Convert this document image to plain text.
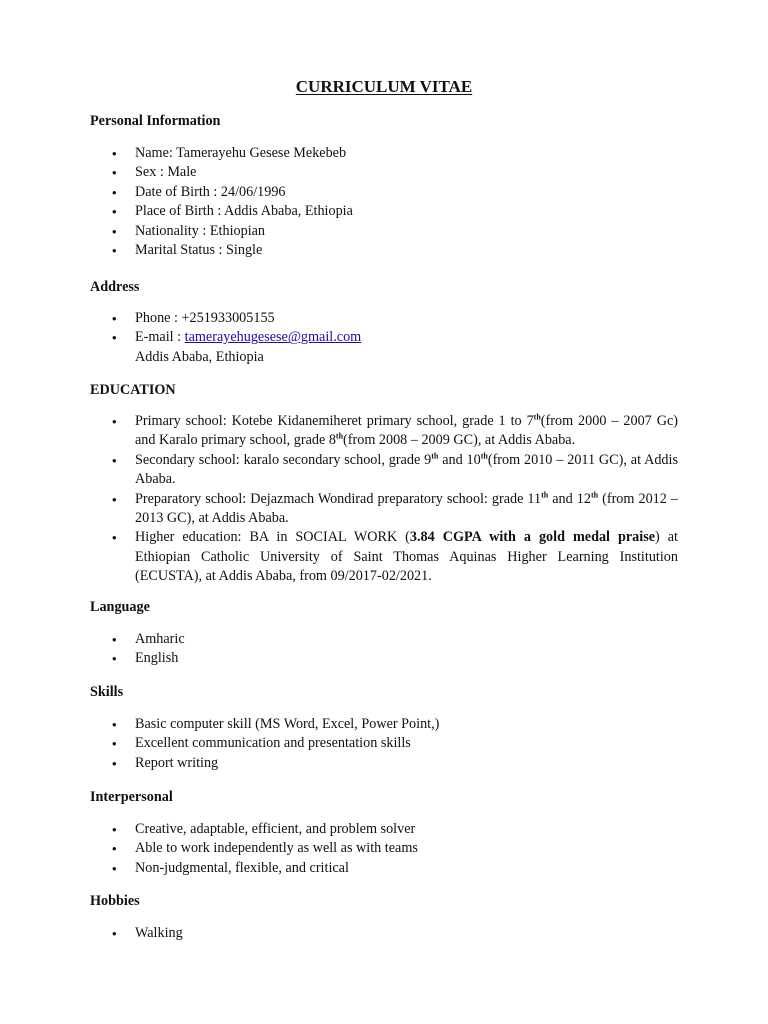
CURRICULUM VITAE
Personal Information
• Name: Tamerayehu Gesese Mekebeb
• Sex : Male
• Date of Birth : 24/06/1996
• Place of Birth : Addis Ababa, Ethiopia
• Nationality : Ethiopian
• Marital Status : Single
Address
• Phone : +251933005155
• E-mail : tamerayehugesese@gmail.com
Addis Ababa, Ethiopia
EDUCATION
• Primary school: Kotebe Kidanemiheret primary school, grade 1 to 7th(from 2000 – 2007 Gc) and Karalo primary school, grade 8th(from 2008 – 2009 GC), at Addis Ababa.
• Secondary school: karalo secondary school, grade 9th and 10th(from 2010 – 2011 GC), at Addis Ababa.
• Preparatory school: Dejazmach Wondirad preparatory school: grade 11th and 12th (from 2012 – 2013 GC), at Addis Ababa.
• Higher education: BA in SOCIAL WORK (3.84 CGPA with a gold medal praise) at Ethiopian Catholic University of Saint Thomas Aquinas Higher Learning Institution (ECUSTA), at Addis Ababa, from 09/2017-02/2021.
Language
• Amharic
• English
Skills
• Basic computer skill (MS Word, Excel, Power Point,)
• Excellent communication and presentation skills
• Report writing
Interpersonal
• Creative, adaptable, efficient, and problem solver
• Able to work independently as well as with teams
• Non-judgmental, flexible, and critical
Hobbies
• Walking
